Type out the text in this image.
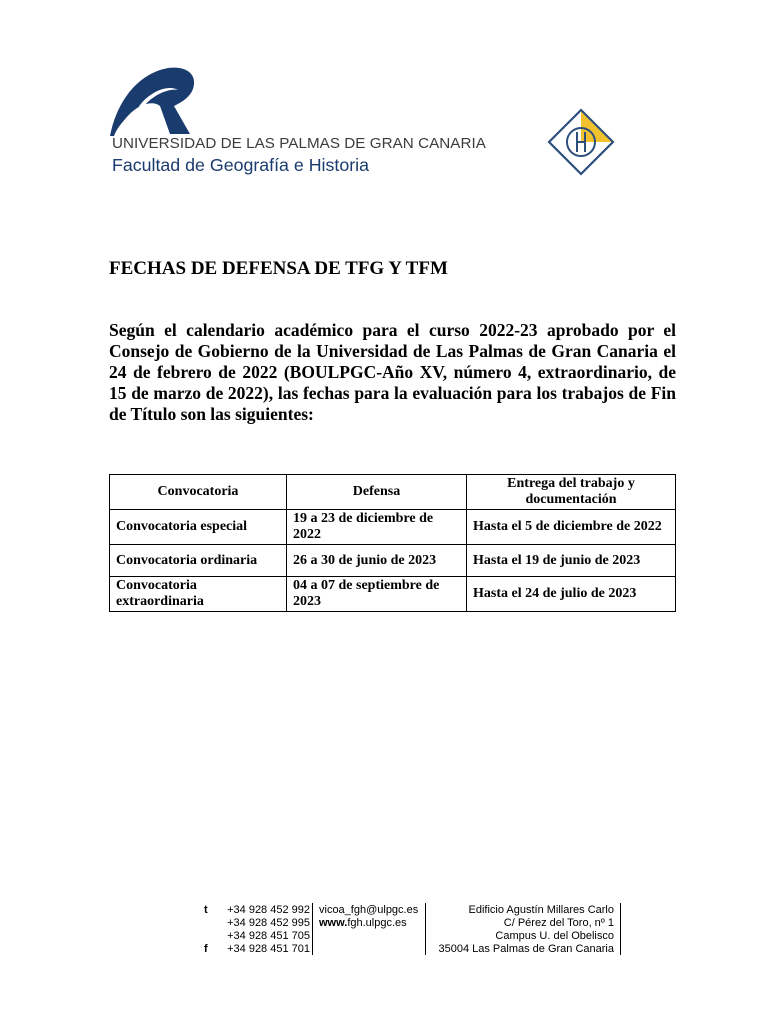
UNIVERSIDAD DE LAS PALMAS DE GRAN CANARIA
Facultad de Geografía e Historia
FECHAS DE DEFENSA DE TFG Y TFM
Según el calendario académico para el curso 2022-23 aprobado por el Consejo de Gobierno de la Universidad de Las Palmas de Gran Canaria el 24 de febrero de 2022 (BOULPGC-Año XV, número 4, extraordinario, de 15 de marzo de 2022), las fechas para la evaluación para los trabajos de Fin de Título son las siguientes:
Convocatoria	Defensa	Entrega del trabajo y documentación
Convocatoria especial	19 a 23 de diciembre de 2022	Hasta el 5 de diciembre de 2022
Convocatoria ordinaria	26 a 30 de junio de 2023	Hasta el 19 de junio de 2023
Convocatoria extraordinaria	04 a 07 de septiembre de 2023	Hasta el 24 de julio de 2023
t	+34 928 452 992
+34 928 452 995
+34 928 451 705
f	+34 928 451 701
vicoa_fgh@ulpgc.es
www.fgh.ulpgc.es
Edificio Agustín Millares Carlo
C/ Pérez del Toro, nº 1
Campus U. del Obelisco
35004 Las Palmas de Gran Canaria
